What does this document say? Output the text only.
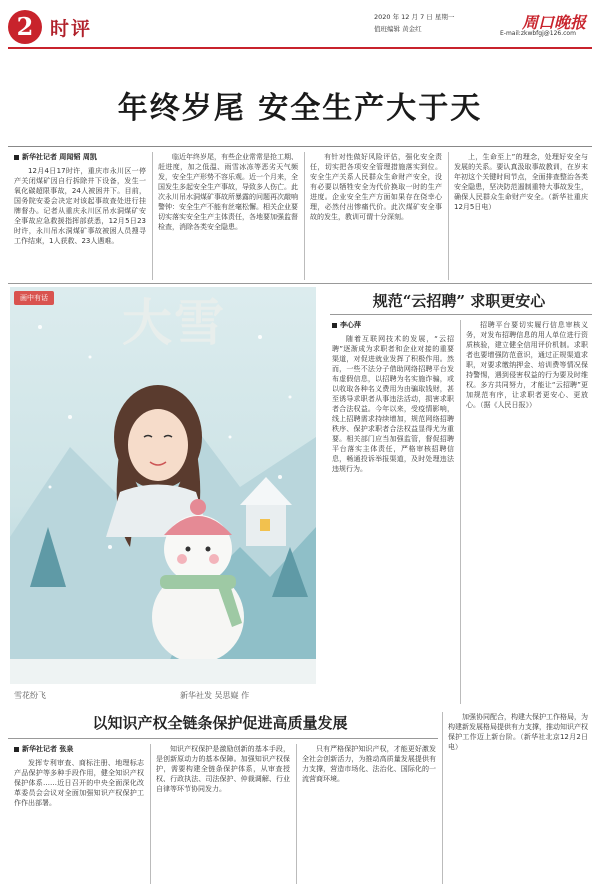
2 时评
2020 年 12 月 7 日 星期一
值班编辑 黄金红	周口晚报
E-mail:zkwbfgj@126.com
年终岁尾 安全生产大于天
新华社记者 周闻韬 周凯

12月4日17时许，重庆市永川区一停产关闭煤矿因自行拆除井下设备，发生一氧化碳超限事故，24人被困井下。目前，国务院安委会决定对该起事故查处进行挂牌督办。记者从重庆永川区吊水洞煤矿安全事故应急救援指挥部获悉，12月5日23时许，永川吊水洞煤矿事故被困人员搜寻工作结束，1人获救、23人遇难。

临近年终岁尾，有些企业常常是抢工期、赶进度，加之低温、雨雪冰冻等恶劣天气频发，安全生产形势不容乐观。近一个月来，全国发生多起安全生产事故，导致多人伤亡。此次永川吊水洞煤矿事故所暴露的问题再次敲响警钟：安全生产不能有丝毫松懈。相关企业要切实落实安全生产主体责任，各地要加强监督检查，消除各类安全隐患。

有针对性做好风险评估，强化安全责任，切实把各项安全管理措施落实到位。安全生产关系人民群众生命财产安全，没有必要以牺牲安全为代价换取一时的生产进度。企业安全生产方面如果存在侥幸心理，必然付出惨痛代价。此次煤矿安全事故的发生，教训可谓十分深刻。

上，生命至上”的理念，处理好安全与发展的关系。要认真汲取事故教训，在岁末年初这个关键时间节点，全面排查整治各类安全隐患，坚决防范遏制重特大事故发生，确保人民群众生命财产安全。（新华社重庆12月5日电）

画中有话 大雪
雪花纷飞	新华社发 吴思嶷 作
规范“云招聘” 求职更安心
李心萍

随着互联网技术的发展，“云招聘”逐渐成为求职者和企业对接的重要渠道，对促进就业发挥了积极作用。然而，一些不法分子借助网络招聘平台发布虚假信息，以招聘为名实施诈骗，或以收取各种名义费用为由骗取钱财，甚至诱导求职者从事违法活动，损害求职者合法权益。今年以来，受疫情影响，线上招聘需求持续增加，规范网络招聘秩序、保护求职者合法权益显得尤为重要。相关部门应当加强监管，督促招聘平台落实主体责任，严格审核招聘信息，畅通投诉举报渠道，及时处理违法违规行为。

招聘平台要切实履行信息审核义务，对发布招聘信息的用人单位进行资质核验，建立健全信用评价机制。求职者也要增强防范意识，通过正规渠道求职，对要求缴纳押金、培训费等情况保持警惕，遇到侵害权益的行为要及时维权。多方共同努力，才能让“云招聘”更加规范有序，让求职者更安心、更放心。（据《人民日报》）

以知识产权全链条保护促进高质量发展
新华社记者 张泉

发挥专利审查、商标注册、地理标志产品保护等多种手段作用，健全知识产权保护体系……近日召开的中央全面深化改革委员会会议对全面加强知识产权保护工作作出部署。

知识产权保护是激励创新的基本手段，是创新原动力的基本保障。加强知识产权保护，需要构建全链条保护体系，从审查授权、行政执法、司法保护、仲裁调解、行业自律等环节协同发力。

只有严格保护知识产权，才能更好激发全社会创新活力，为推动高质量发展提供有力支撑，营造市场化、法治化、国际化的一流营商环境。

加强协同配合，构建大保护工作格局，为构建新发展格局提供有力支撑，推动知识产权保护工作迈上新台阶。（新华社北京12月2日电）
